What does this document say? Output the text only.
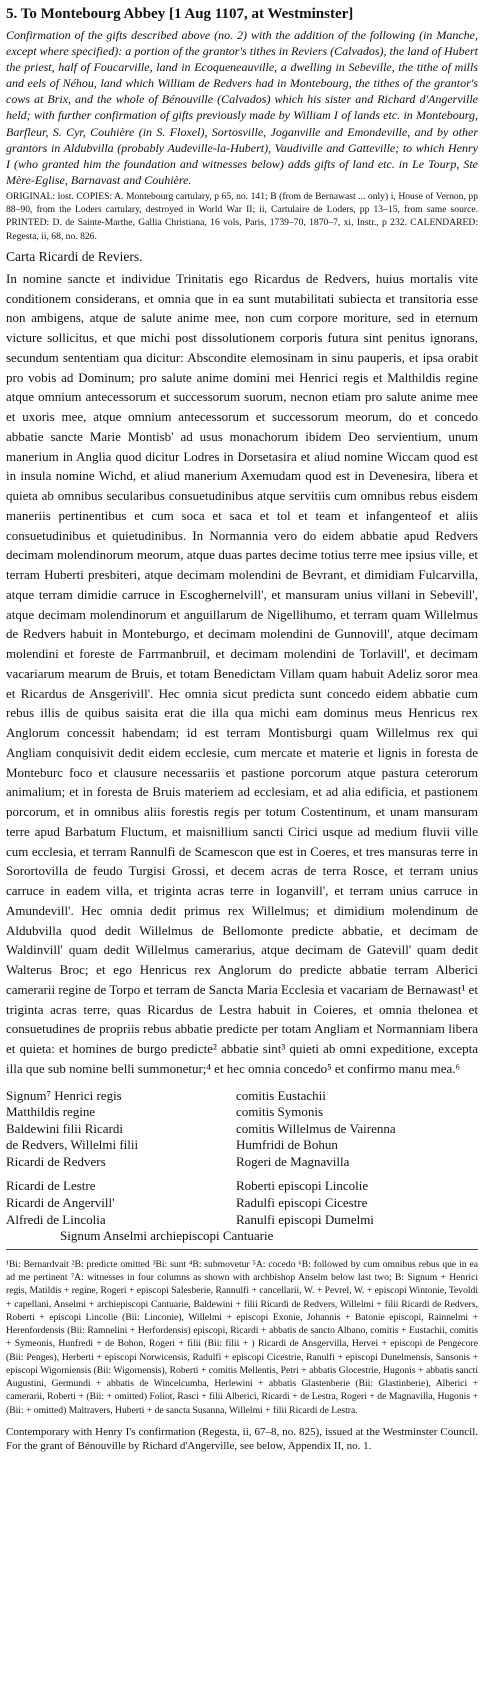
5. To Montebourg Abbey [1 Aug 1107, at Westminster]

Confirmation of the gifts described above (no. 2) with the addition of the following (in Manche, except where specified): a portion of the grantor's tithes in Reviers (Calvados), the land of Hubert the priest, half of Foucarville, land in Ecoqueneauville, a dwelling in Sebeville, the tithe of mills and eels of Néhou, land which William de Redvers had in Montebourg, the tithes of the grantor's cows at Brix, and the whole of Bénouville (Calvados) which his sister and Richard d'Angerville held; with further confirmation of gifts previously made by William I of lands etc. in Montebourg, Barfleur, S. Cyr, Couhière (in S. Floxel), Sortosville, Joganville and Emondeville, and by other grantors in Aldubvilla (probably Audeville-la-Hubert), Vaudiville and Gatteville; to which Henry I (who granted him the foundation and witnesses below) adds gifts of land etc. in Le Tourp, Ste Mère-Eglise, Barnavast and Couhière.

ORIGINAL: lost. COPIES: A. Montebourg cartulary, p 65, no. 141; B (from de Bernawast ... only) i, House of Vernon, pp 88–90, from the Loders cartulary, destroyed in World War II; ii, Cartulaire de Loders, pp 13–15, from same source. PRINTED: D. de Sainte-Marthe, Gallia Christiana, 16 vols, Paris, 1739–70, 1870–7, xi, Instr., p 232. CALENDARED: Regesta, ii, 68, no. 826.

Carta Ricardi de Reviers.

In nomine sancte et individue Trinitatis ego Ricardus de Redvers, huius mortalis vite conditionem considerans, et omnia que in ea sunt mutabilitati subiecta et transitoria esse non ambigens, atque de salute anime mee, non cum corpore moriture, sed in eternum victure sollicitus, et que michi post dissolutionem corporis futura sint penitus ignorans, secundum sententiam qua dicitur: Abscondite elemosinam in sinu pauperis, et ipsa orabit pro vobis ad Dominum; pro salute anime domini mei Henrici regis et Malthildis regine atque omnium antecessorum et successorum suorum, necnon etiam pro salute anime mee et uxoris mee, atque omnium antecessorum et successorum meorum, do et concedo abbatie sancte Marie Montisb' ad usus monachorum ibidem Deo servientium, unum manerium in Anglia quod dicitur Lodres in Dorsetasira et aliud nomine Wiccam quod est in insula nomine Wichd, et aliud manerium Axemudam quod est in Devenesira, libera et quieta ab omnibus secularibus consuetudinibus atque servitiis cum omnibus rebus eisdem maneriis pertinentibus et cum soca et saca et tol et team et infangenteof et aliis consuetudinibus et quietudinibus. In Normannia vero do eidem abbatie apud Redvers decimam molendinorum meorum, atque duas partes decime totius terre mee ipsius ville, et terram Huberti presbiteri, atque decimam molendini de Bevrant, et dimidiam Fulcarvilla, atque terram dimidie carruce in Escoghernelvill', et mansuram unius villani in Sebevill', atque decimam molendinorum et anguillarum de Nigellihumo, et terram quam Willelmus de Redvers habuit in Monteburgo, et decimam molendini de Gunnovill', atque decimam molendini et foreste de Farrmanbruil, et decimam molendini de Torlavill', et decimam vacariarum mearum de Bruis, et totam Benedictam Villam quam habuit Adeliz soror mea et Ricardus de Ansgerivill'. Hec omnia sicut predicta sunt concedo eidem abbatie cum rebus illis de quibus saisita erat die illa qua michi eam dominus meus Henricus rex Anglorum concessit habendam; id est terram Montisburgi quam Willelmus rex qui Angliam conquisivit dedit eidem ecclesie, cum mercate et materie et lignis in foresta de Monteburc foco et clausure necessariis et pastione porcorum atque pastura ceterorum animalium; et in foresta de Bruis materiem ad ecclesiam, et ad alia edificia, et pastionem porcorum, et in omnibus aliis forestis regis per totum Costentinum, et unam mansuram terre apud Barbatum Fluctum, et maisnillium sancti Cirici usque ad medium fluvii ville cum ecclesia, et terram Rannulfi de Scamescon que est in Coeres, et tres mansuras terre in Sorortovilla de feudo Turgisi Grossi, et decem acras de terra Rosce, et terram unius carruce in eadem villa, et triginta acras terre in Ioganvill', et terram unius carruce in Amundevill'. Hec omnia dedit primus rex Willelmus; et dimidium molendinum de Aldubvilla quod dedit Willelmus de Bellomonte predicte abbatie, et decimam de Waldinvill' quam dedit Willelmus camerarius, atque decimam de Gatevill' quam dedit Walterus Broc; et ego Henricus rex Anglorum do predicte abbatie terram Alberici camerarii regine de Torpo et terram de Sancta Maria Ecclesia et vacariam de Bernawast¹ et triginta acras terre, quas Ricardus de Lestra habuit in Coieres, et omnia thelonea et consuetudines de propriis rebus abbatie predicte per totam Angliam et Normanniam libera et quieta: et homines de burgo predicte² abbatie sint³ quieti ab omni expeditione, excepta illa que sub nomine belli summonetur;⁴ et hec omnia concedo⁵ et confirmo manu mea.⁶

Signum⁷ Henrici regis	comitis Eustachii
Matthildis regine	comitis Symonis
Baldewini filii Ricardi	comitis Willelmus de Vairenna
de Redvers, Willelmi filii	Humfridi de Bohun
Ricardi de Redvers	Rogeri de Magnavilla
Ricardi de Lestre	Roberti episcopi Lincolie
Ricardi de Angervill'	Radulfi episcopi Cicestre
Alfredi de Lincolia	Ranulfi episcopi Dumelmi
Signum Anselmi archiepiscopi Cantuarie

¹Bi: Bernardvait ²B: predicte omitted ³Bi: sunt ⁴B: submovetur ⁵A: cocedo ⁶B: followed by cum omnibus rebus que in ea ad me pertinent ⁷A: witnesses in four columns as shown with archbishop Anselm below last two; B: Signum + Henrici regis, Matildis + regine, Rogeri + episcopi Salesberie, Rannulfi + cancellarii, W. + Pevrel, W. + episcopi Wintonie, Tevoldi + capellani, Anselmi + archiepiscopi Cantuarie, Baldewini + filii Ricardi de Redvers, Willelmi + filii Ricardi de Redvers, Roberti + episcopi Lincolie (Bii: Linconie), Willelmi + episcopi Exonie, Johannis + Batonie episcopi, Rainnelmi + Herenfordensis (Bii: Ramnelini + Herfordensis) episcopi, Ricardi + abbatis de sancto Albano, comitis + Eustachii, comitis + Symeonis, Hunfredi + de Bohon, Rogeri + filii (Bii: filii + ) Ricardi de Ansgervilla, Hervei + episcopi de Pengecore (Bii: Penges), Herberti + episcopi Norwicensis, Radulfi + episcopi Cicestrie, Ranulfi + episcopi Dunelmensis, Sansonis + episcopi Wigorniensis (Bii: Wigornensis), Roberti + comitis Mellentis, Petri + abbatis Glocestrie, Hugonis + abbatis sancti Augustini, Germundi + abbatis de Wincelcumba, Herlewini + abbatis Glastenberie (Bii: Glastinberie), Alberici + camerarii, Roberti + (Bii: + omitted) Foliot, Rasci + filii Alberici, Ricardi + de Lestra, Rogeri + de Magnavilla, Hugonis + (Bii: + omitted) Maltravers, Huberti + de sancta Susanna, Willelmi + filii Ricardi de Lestra.

Contemporary with Henry I's confirmation (Regesta, ii, 67–8, no. 825), issued at the Westminster Council. For the grant of Bénouville by Richard d'Angerville, see below, Appendix II, no. 1.
